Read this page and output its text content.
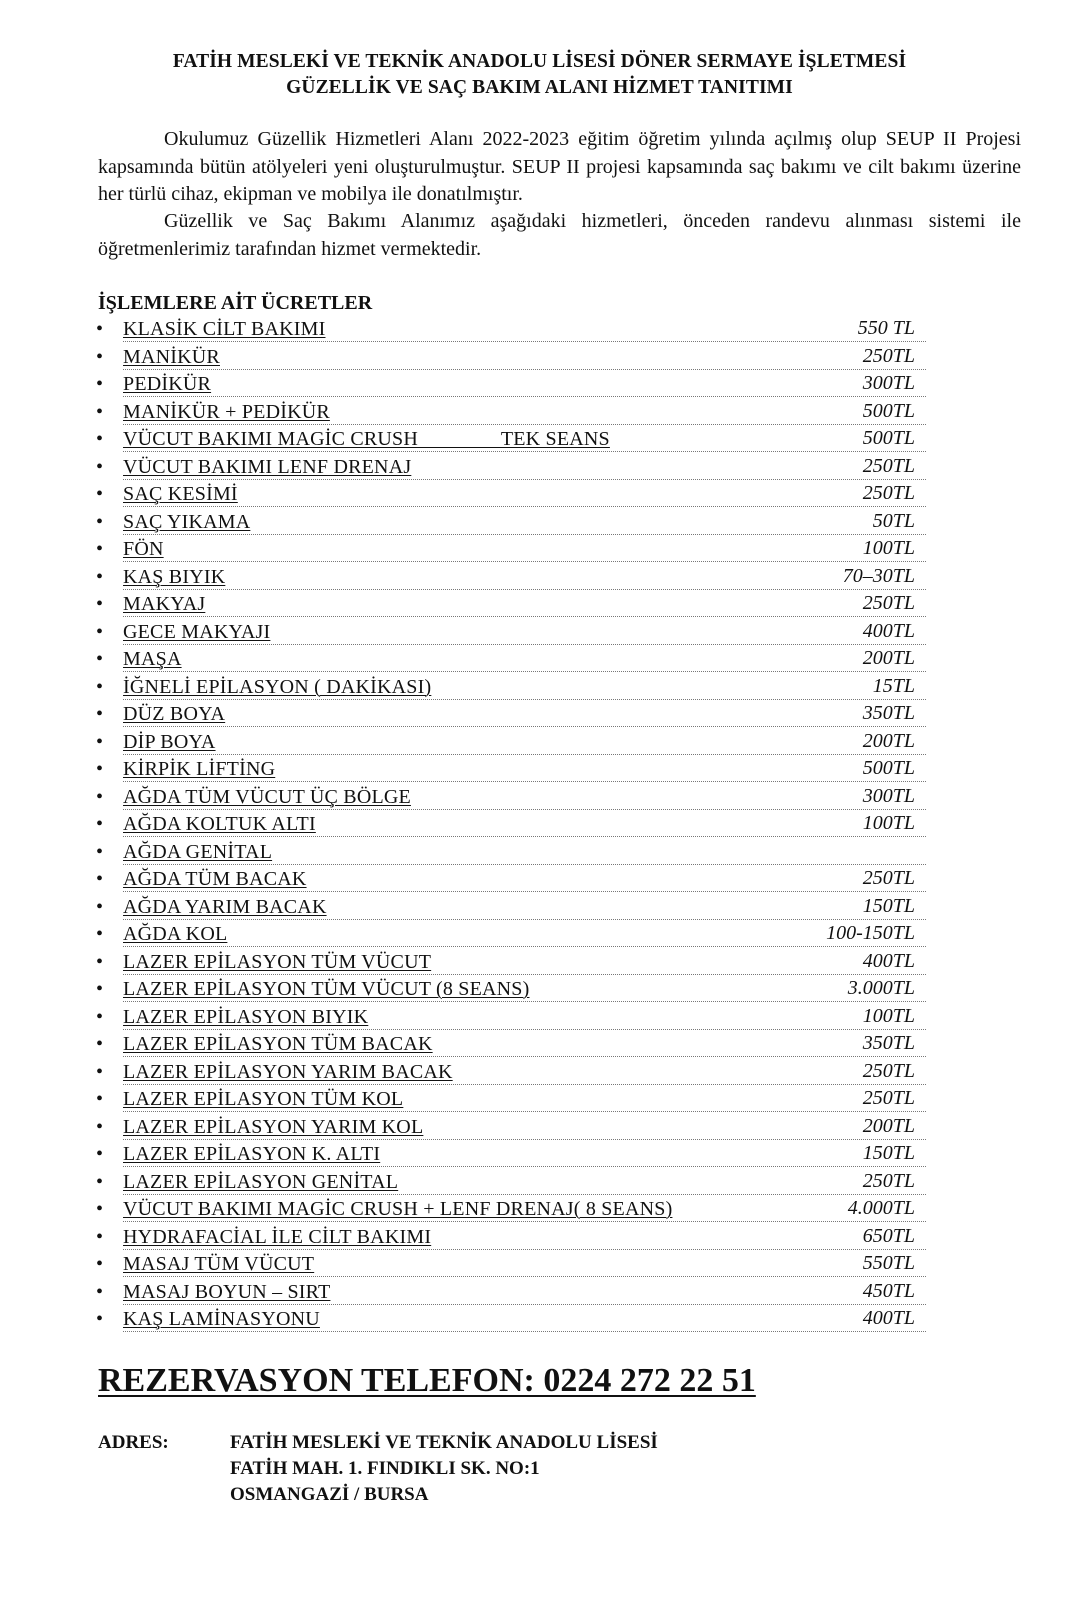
FATİH MESLEKİ VE TEKNİK ANADOLU LİSESİ DÖNER SERMAYE İŞLETMESİ
GÜZELLİK VE SAÇ BAKIM ALANI HİZMET TANITIMI

Okulumuz Güzellik Hizmetleri Alanı 2022-2023 eğitim öğretim yılında açılmış olup SEUP II Projesi kapsamında bütün atölyeleri yeni oluşturulmuştur. SEUP II projesi kapsamında saç bakımı ve cilt bakımı üzerine her türlü cihaz, ekipman ve mobilya ile donatılmıştır.

Güzellik ve Saç Bakımı Alanımız aşağıdaki hizmetleri, önceden randevu alınması sistemi ile öğretmenlerimiz tarafından hizmet vermektedir.

İŞLEMLERE AİT ÜCRETLER
• KLASİK CİLT BAKIMI	550 TL
• MANİKÜR	250TL
• PEDİKÜR	300TL
• MANİKÜR + PEDİKÜR	500TL
• VÜCUT BAKIMI MAGİC CRUSH                TEK SEANS	500TL
• VÜCUT BAKIMI LENF DRENAJ	250TL
• SAÇ KESİMİ	250TL
• SAÇ YIKAMA	50TL
• FÖN	100TL
• KAŞ BIYIK	70–30TL
• MAKYAJ	250TL
• GECE MAKYAJI	400TL
• MAŞA	200TL
• İĞNELİ EPİLASYON ( DAKİKASI)	15TL
• DÜZ BOYA	350TL
• DİP BOYA	200TL
• KİRPİK LİFTİNG	500TL
• AĞDA TÜM VÜCUT ÜÇ BÖLGE	300TL
• AĞDA KOLTUK ALTI	100TL
• AĞDA GENİTAL
• AĞDA TÜM BACAK	250TL
• AĞDA YARIM BACAK	150TL
• AĞDA KOL	100-150TL
• LAZER EPİLASYON TÜM VÜCUT	400TL
• LAZER EPİLASYON TÜM VÜCUT (8 SEANS)	3.000TL
• LAZER EPİLASYON BIYIK	100TL
• LAZER EPİLASYON TÜM BACAK	350TL
• LAZER EPİLASYON YARIM BACAK	250TL
• LAZER EPİLASYON TÜM KOL	250TL
• LAZER EPİLASYON YARIM KOL	200TL
• LAZER EPİLASYON K. ALTI	150TL
• LAZER EPİLASYON GENİTAL	250TL
• VÜCUT BAKIMI MAGİC CRUSH + LENF DRENAJ( 8 SEANS)	4.000TL
• HYDRAFACİAL İLE CİLT BAKIMI	650TL
• MASAJ TÜM VÜCUT	550TL
• MASAJ BOYUN – SIRT	450TL
• KAŞ LAMİNASYONU	400TL
REZERVASYON TELEFON: 0224 272 22 51
ADRES:	FATİH MESLEKİ VE TEKNİK ANADOLU LİSESİ
FATİH MAH. 1. FINDIKLI SK. NO:1
OSMANGAZİ / BURSA
